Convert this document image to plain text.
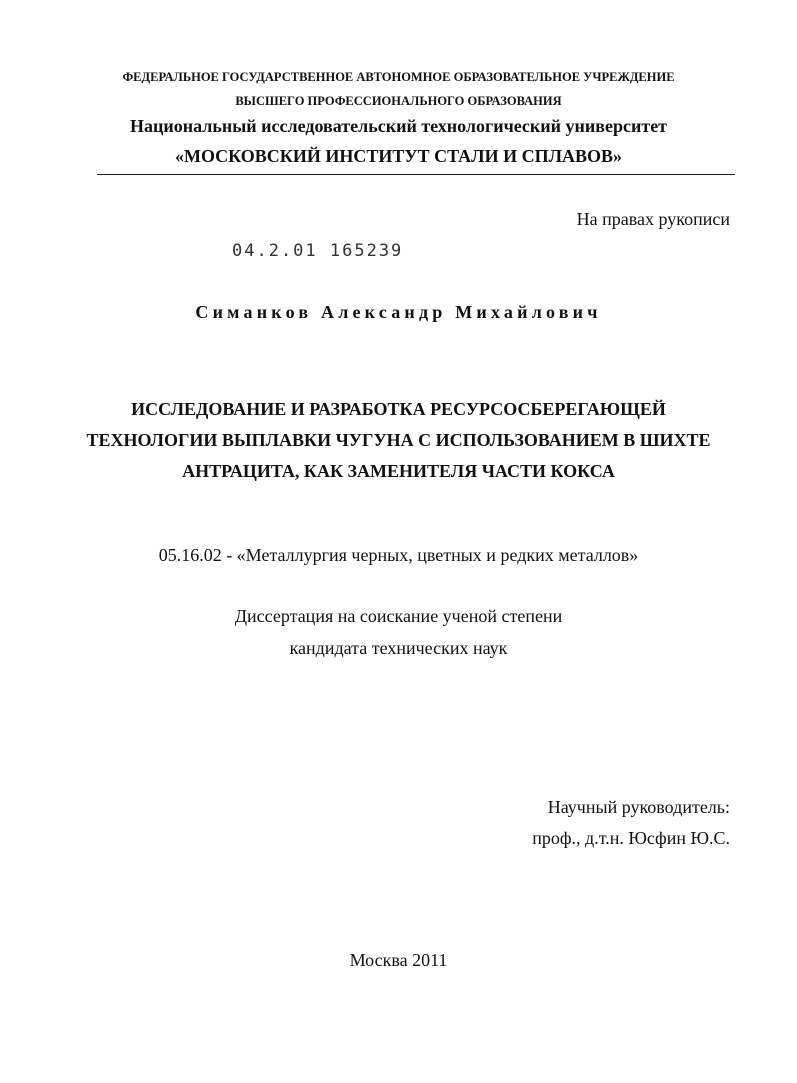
ФЕДЕРАЛЬНОЕ ГОСУДАРСТВЕННОЕ АВТОНОМНОЕ ОБРАЗОВАТЕЛЬНОЕ УЧРЕЖДЕНИЕ
ВЫСШЕГО ПРОФЕССИОНАЛЬНОГО ОБРАЗОВАНИЯ
Национальный исследовательский технологический университет
«МОСКОВСКИЙ ИНСТИТУТ СТАЛИ И СПЛАВОВ»
На правах рукописи
04.2.01 165239
Симанков Александр Михайлович
ИССЛЕДОВАНИЕ И РАЗРАБОТКА РЕСУРСОСБЕРЕГАЮЩЕЙ
ТЕХНОЛОГИИ ВЫПЛАВКИ ЧУГУНА С ИСПОЛЬЗОВАНИЕМ В ШИХТЕ
АНТРАЦИТА, КАК ЗАМЕНИТЕЛЯ ЧАСТИ КОКСА
05.16.02 - «Металлургия черных, цветных и редких металлов»
Диссертация на соискание ученой степени
кандидата технических наук
Научный руководитель:
проф., д.т.н. Юсфин Ю.С.
Москва 2011
